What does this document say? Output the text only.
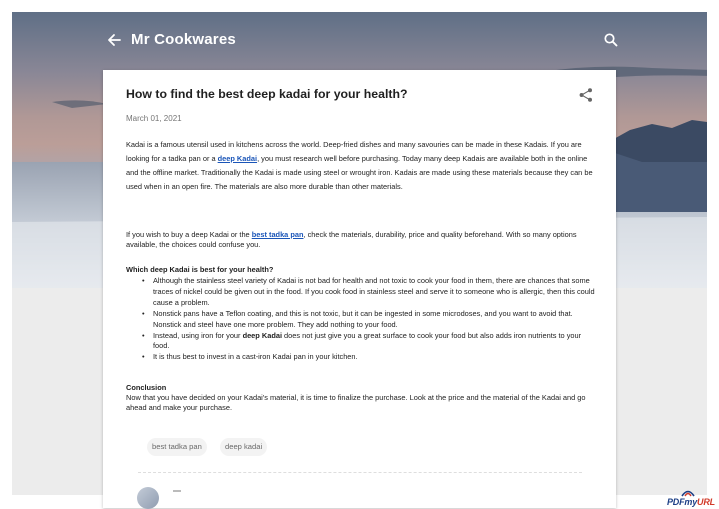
Mr Cookwares
How to find the best deep kadai for your health?
March 01, 2021

Kadai is a famous utensil used in kitchens across the world. Deep-fried dishes and many savouries can be made in these Kadais. If you are looking for a tadka pan or a deep Kadai, you must research well before purchasing. Today many deep Kadais are available both in the online and the offline market. Traditionally the Kadai is made using steel or wrought iron. Kadais are made using these materials because they can be used when in an open fire. The materials are also more durable than other materials.

If you wish to buy a deep Kadai or the best tadka pan, check the materials, durability, price and quality beforehand. With so many options available, the choices could confuse you.

Which deep Kadai is best for your health?
• Although the stainless steel variety of Kadai is not bad for health and not toxic to cook your food in them, there are chances that some traces of nickel could be given out in the food. If you cook food in stainless steel and serve it to someone who is allergic, then this could cause a problem.
• Nonstick pans have a Teflon coating, and this is not toxic, but it can be ingested in some microdoses, and you want to avoid that. Nonstick and steel have one more problem. They add nothing to your food.
• Instead, using iron for your deep Kadai does not just give you a great surface to cook your food but also adds iron nutrients to your food.
• It is thus best to invest in a cast-iron Kadai pan in your kitchen.
Conclusion

Now that you have decided on your Kadai's material, it is time to finalize the purchase. Look at the price and the material of the Kadai and go ahead and make your purchase.

best tadka pan	deep kadai
PDFmyURL
